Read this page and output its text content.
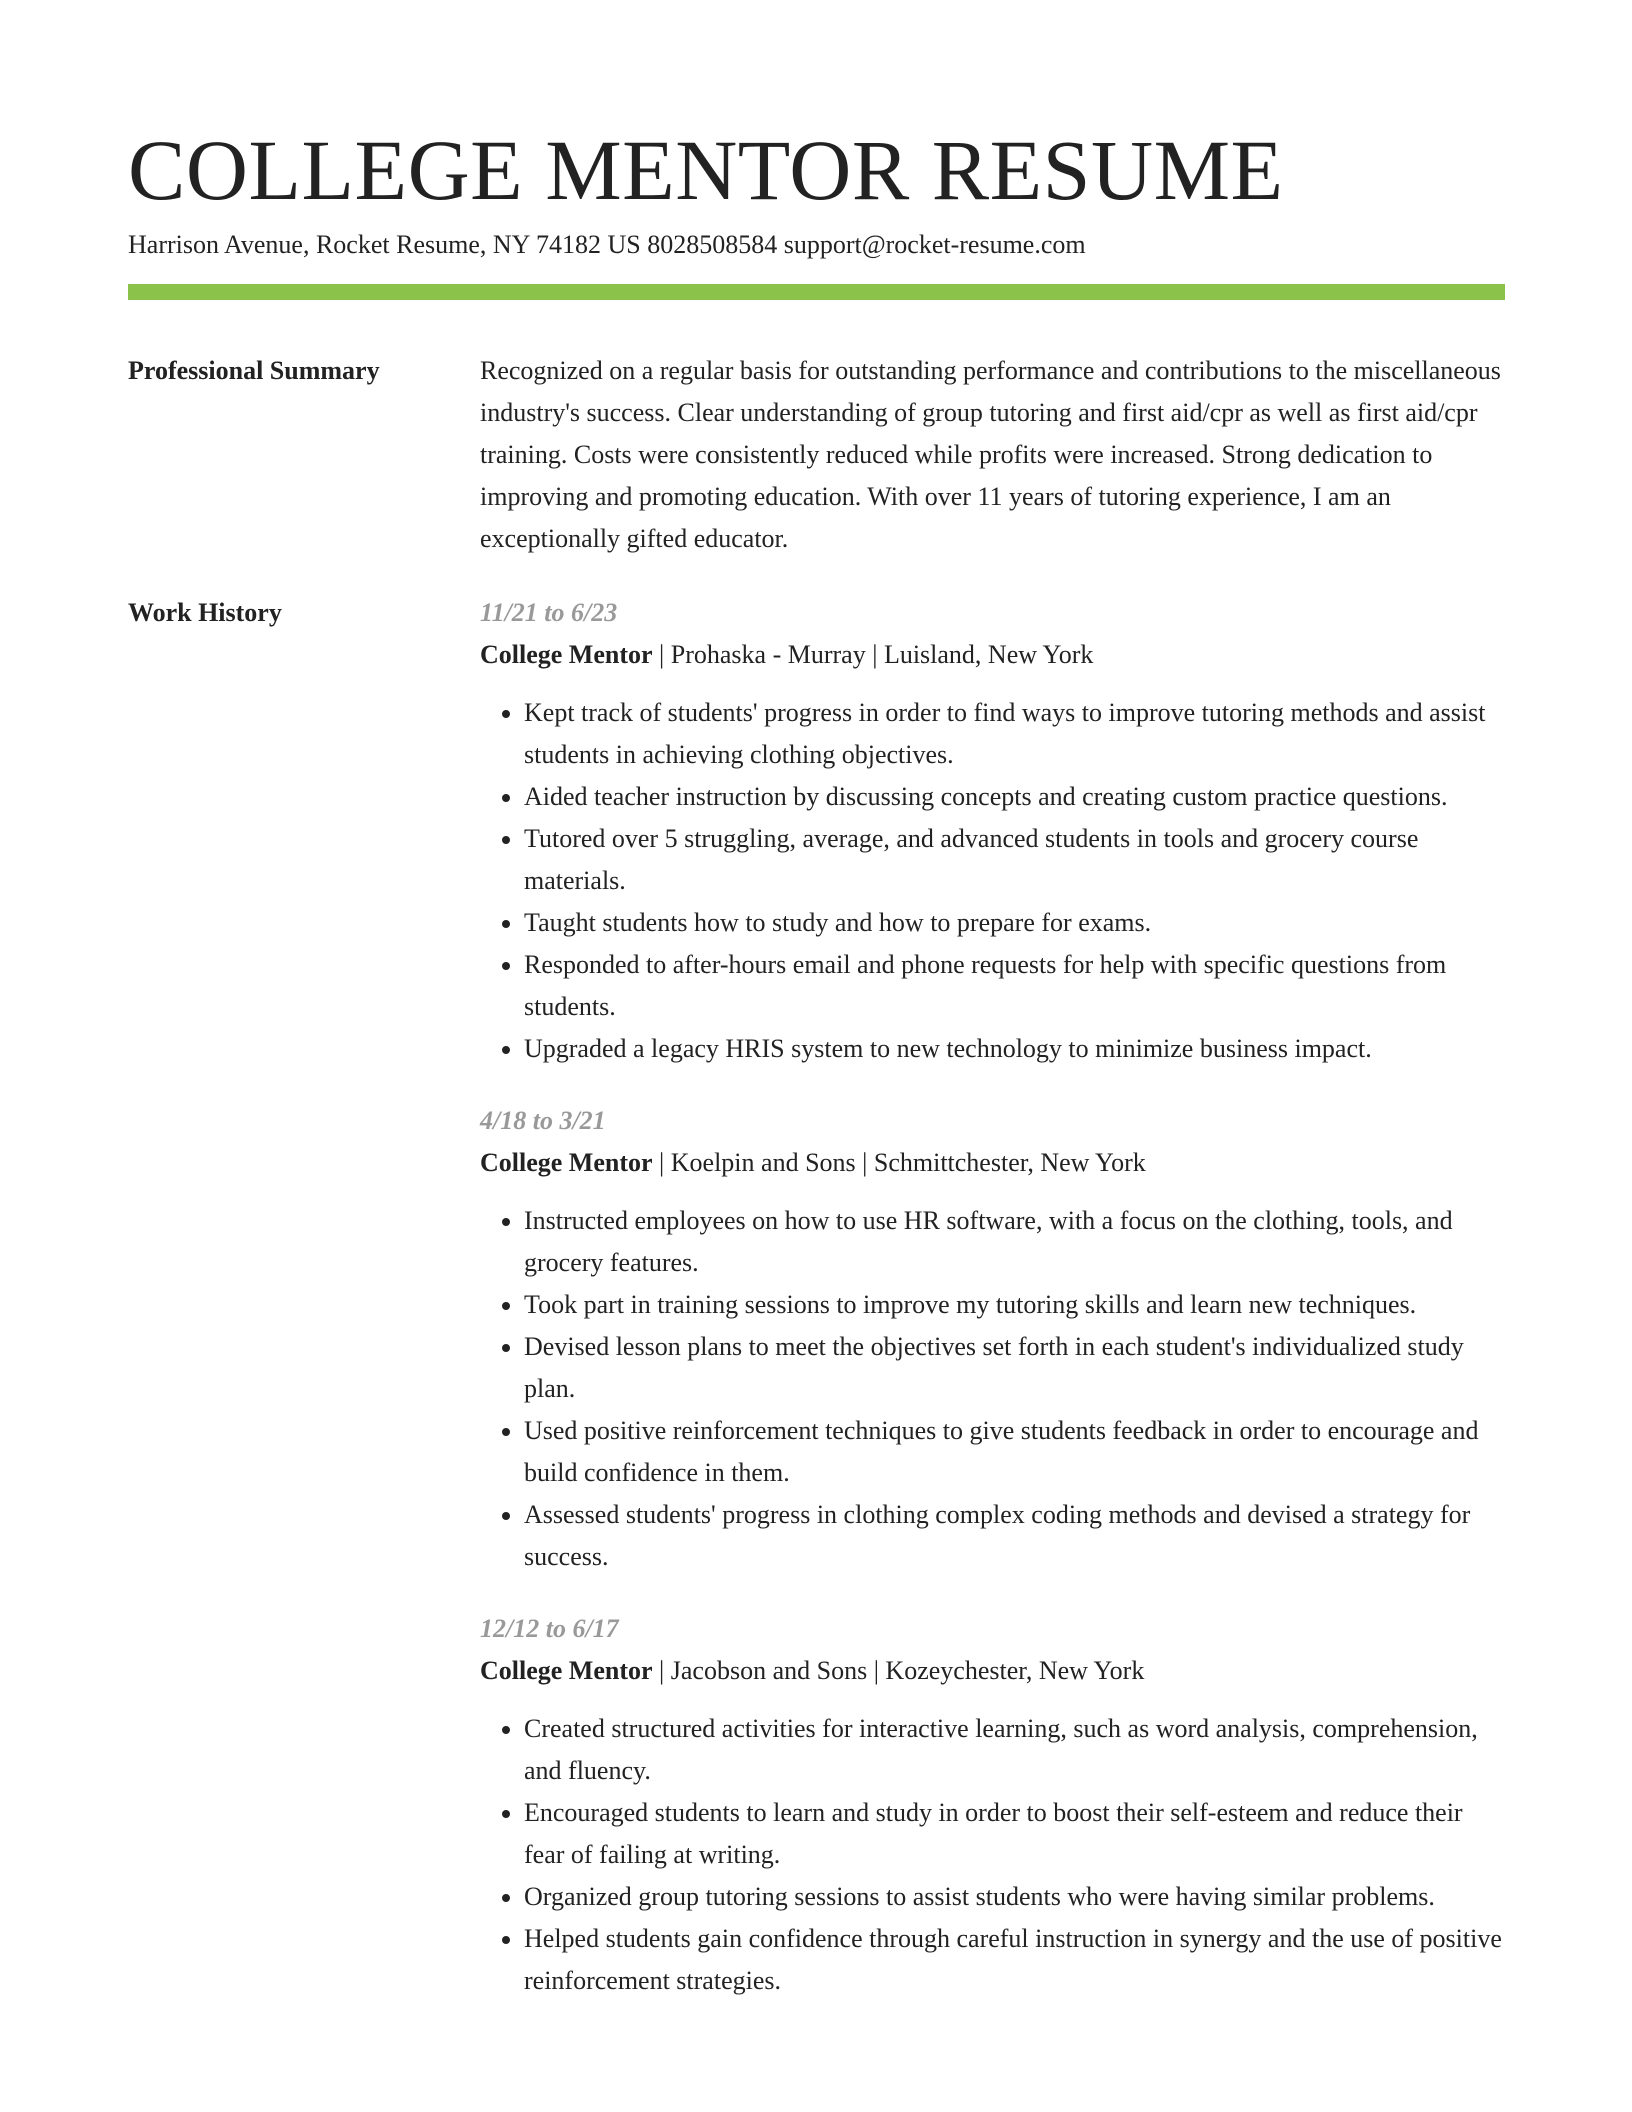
COLLEGE MENTOR RESUME
Harrison Avenue, Rocket Resume, NY 74182 US 8028508584 support@rocket-resume.com
Professional Summary	Recognized on a regular basis for outstanding performance and contributions to the miscellaneous industry's success. Clear understanding of group tutoring and first aid/cpr as well as first aid/cpr training. Costs were consistently reduced while profits were increased. Strong dedication to improving and promoting education. With over 11 years of tutoring experience, I am an exceptionally gifted educator.
Work History	11/21 to 6/23
College Mentor | Prohaska - Murray | Luisland, New York
• Kept track of students' progress in order to find ways to improve tutoring methods and assist students in achieving clothing objectives.
• Aided teacher instruction by discussing concepts and creating custom practice questions.
• Tutored over 5 struggling, average, and advanced students in tools and grocery course materials.
• Taught students how to study and how to prepare for exams.
• Responded to after-hours email and phone requests for help with specific questions from students.
• Upgraded a legacy HRIS system to new technology to minimize business impact.
4/18 to 3/21
College Mentor | Koelpin and Sons | Schmittchester, New York
• Instructed employees on how to use HR software, with a focus on the clothing, tools, and grocery features.
• Took part in training sessions to improve my tutoring skills and learn new techniques.
• Devised lesson plans to meet the objectives set forth in each student's individualized study plan.
• Used positive reinforcement techniques to give students feedback in order to encourage and build confidence in them.
• Assessed students' progress in clothing complex coding methods and devised a strategy for success.
12/12 to 6/17
College Mentor | Jacobson and Sons | Kozeychester, New York
• Created structured activities for interactive learning, such as word analysis, comprehension, and fluency.
• Encouraged students to learn and study in order to boost their self-esteem and reduce their fear of failing at writing.
• Organized group tutoring sessions to assist students who were having similar problems.
• Helped students gain confidence through careful instruction in synergy and the use of positive reinforcement strategies.
